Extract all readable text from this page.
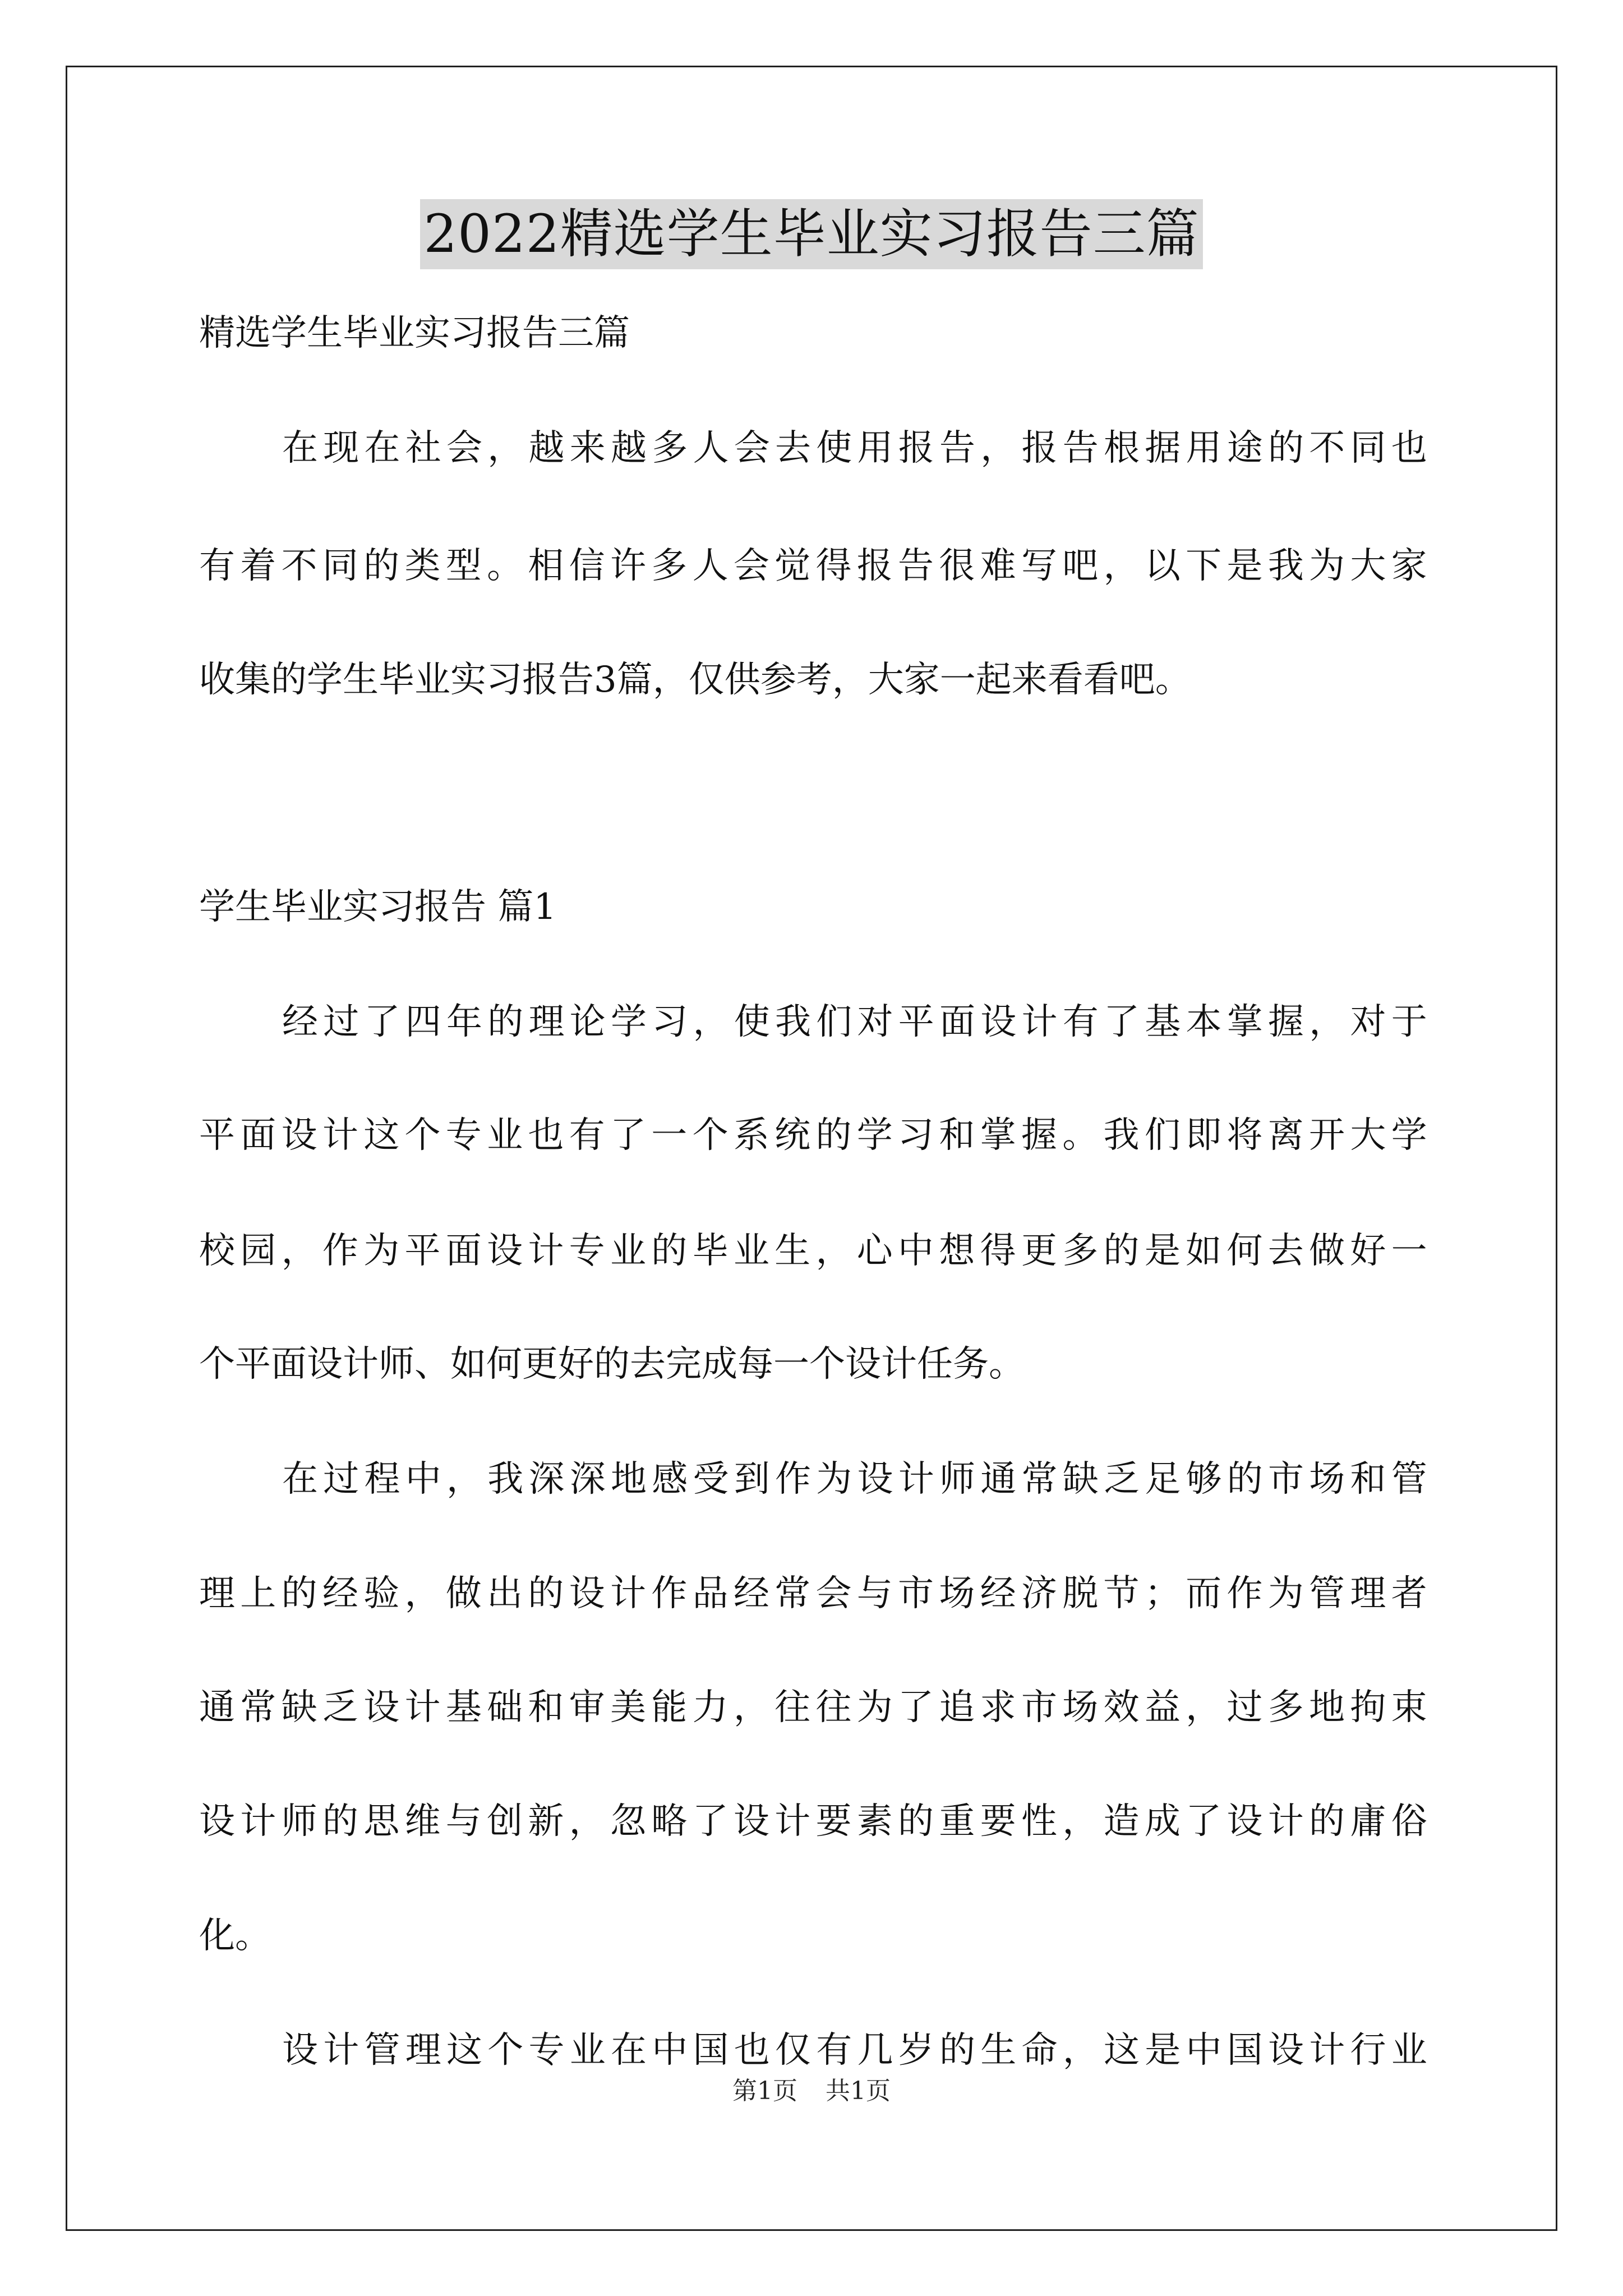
2022精选学生毕业实习报告三篇
精选学生毕业实习报告三篇
在 现 在 社 会 ， 越 来 越 多 人 会 去 使 用 报 告 ， 报 告 根 据 用 途 的 不 同 也
有 着 不 同 的 类 型 。 相 信 许 多 人 会 觉 得 报 告 很 难 写 吧 ， 以 下 是 我 为 大 家
收集的学生毕业实习报告3篇，仅供参考，大家一起来看看吧。
学生毕业实习报告 篇1
经 过 了 四 年 的 理 论 学 习 ， 使 我 们 对 平 面 设 计 有 了 基 本 掌 握 ， 对 于
平 面 设 计 这 个 专 业 也 有 了 一 个 系 统 的 学 习 和 掌 握 。 我 们 即 将 离 开 大 学
校 园 ， 作 为 平 面 设 计 专 业 的 毕 业 生 ， 心 中 想 得 更 多 的 是 如 何 去 做 好 一
个平面设计师、如何更好的去完成每一个设计任务。
在 过 程 中 ， 我 深 深 地 感 受 到 作 为 设 计 师 通 常 缺 乏 足 够 的 市 场 和 管
理 上 的 经 验 ， 做 出 的 设 计 作 品 经 常 会 与 市 场 经 济 脱 节 ； 而 作 为 管 理 者
通 常 缺 乏 设 计 基 础 和 审 美 能 力 ， 往 往 为 了 追 求 市 场 效 益 ， 过 多 地 拘 束
设 计 师 的 思 维 与 创 新 ， 忽 略 了 设 计 要 素 的 重 要 性 ， 造 成 了 设 计 的 庸 俗
化。
设 计 管 理 这 个 专 业 在 中 国 也 仅 有 几 岁 的 生 命 ， 这 是 中 国 设 计 行 业
第1页 共1页
